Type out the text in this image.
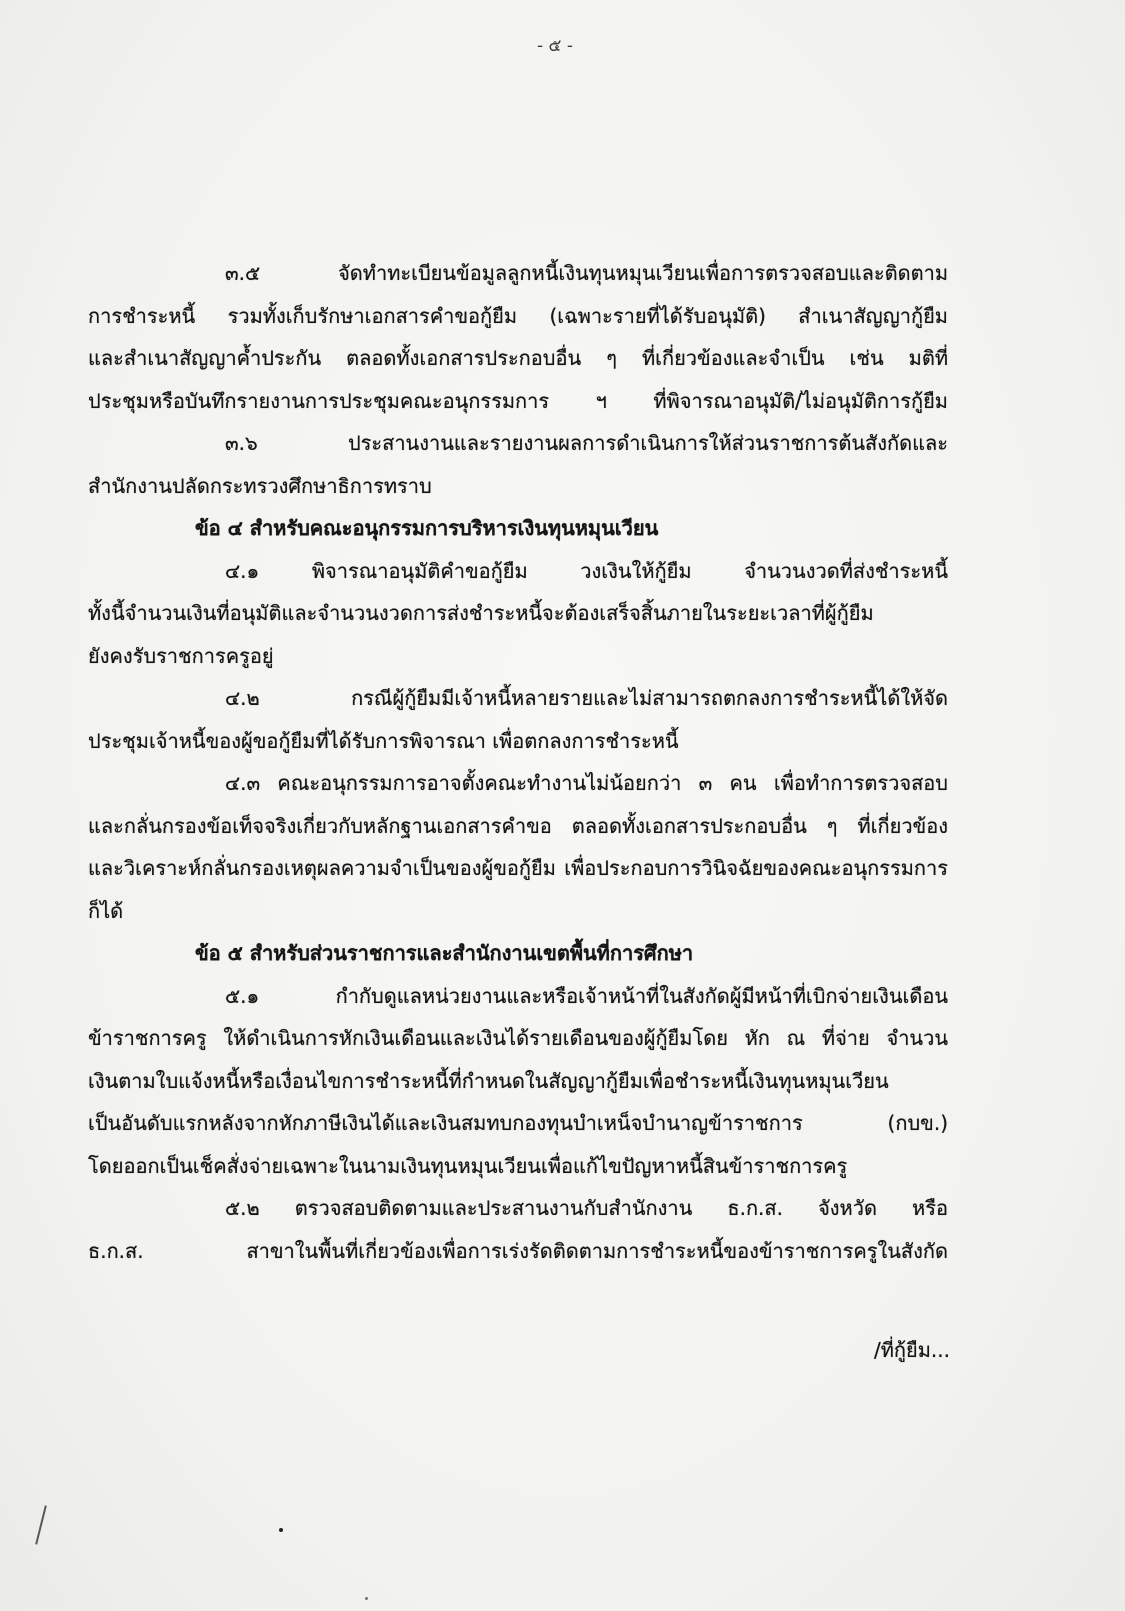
- ๕ -
๓.๕ จัดทำทะเบียนข้อมูลลูกหนี้เงินทุนหมุนเวียนเพื่อการตรวจสอบและติดตาม
การชำระหนี้ รวมทั้งเก็บรักษาเอกสารคำขอกู้ยืม (เฉพาะรายที่ได้รับอนุมัติ) สำเนาสัญญากู้ยืม
และสำเนาสัญญาค้ำประกัน ตลอดทั้งเอกสารประกอบอื่น ๆ ที่เกี่ยวข้องและจำเป็น เช่น มติที่
ประชุมหรือบันทึกรายงานการประชุมคณะอนุกรรมการ ฯ ที่พิจารณาอนุมัติ/ไม่อนุมัติการกู้ยืม
๓.๖ ประสานงานและรายงานผลการดำเนินการให้ส่วนราชการต้นสังกัดและ
สำนักงานปลัดกระทรวงศึกษาธิการทราบ
ข้อ ๔ สำหรับคณะอนุกรรมการบริหารเงินทุนหมุนเวียน
๔.๑ พิจารณาอนุมัติคำขอกู้ยืม วงเงินให้กู้ยืม จำนวนงวดที่ส่งชำระหนี้
ทั้งนี้จำนวนเงินที่อนุมัติและจำนวนงวดการส่งชำระหนี้จะต้องเสร็จสิ้นภายในระยะเวลาที่ผู้กู้ยืม
ยังคงรับราชการครูอยู่
๔.๒ กรณีผู้กู้ยืมมีเจ้าหนี้หลายรายและไม่สามารถตกลงการชำระหนี้ได้ให้จัด
ประชุมเจ้าหนี้ของผู้ขอกู้ยืมที่ได้รับการพิจารณา เพื่อตกลงการชำระหนี้
๔.๓ คณะอนุกรรมการอาจตั้งคณะทำงานไม่น้อยกว่า ๓ คน เพื่อทำการตรวจสอบ
และกลั่นกรองข้อเท็จจริงเกี่ยวกับหลักฐานเอกสารคำขอ ตลอดทั้งเอกสารประกอบอื่น ๆ ที่เกี่ยวข้อง
และวิเคราะห์กลั่นกรองเหตุผลความจำเป็นของผู้ขอกู้ยืม เพื่อประกอบการวินิจฉัยของคณะอนุกรรมการ
ก็ได้
ข้อ ๕ สำหรับส่วนราชการและสำนักงานเขตพื้นที่การศึกษา
๕.๑ กำกับดูแลหน่วยงานและหรือเจ้าหน้าที่ในสังกัดผู้มีหน้าที่เบิกจ่ายเงินเดือน
ข้าราชการครู ให้ดำเนินการหักเงินเดือนและเงินได้รายเดือนของผู้กู้ยืมโดย หัก ณ ที่จ่าย จำนวน
เงินตามใบแจ้งหนี้หรือเงื่อนไขการชำระหนี้ที่กำหนดในสัญญากู้ยืมเพื่อชำระหนี้เงินทุนหมุนเวียน
เป็นอันดับแรกหลังจากหักภาษีเงินได้และเงินสมทบกองทุนบำเหน็จบำนาญข้าราชการ (กบข.)
โดยออกเป็นเช็คสั่งจ่ายเฉพาะในนามเงินทุนหมุนเวียนเพื่อแก้ไขปัญหาหนี้สินข้าราชการครู
๕.๒ ตรวจสอบติดตามและประสานงานกับสำนักงาน ธ.ก.ส. จังหวัด หรือ
ธ.ก.ส. สาขาในพื้นที่เกี่ยวข้องเพื่อการเร่งรัดติดตามการชำระหนี้ของข้าราชการครูในสังกัด
/ที่กู้ยืม...
